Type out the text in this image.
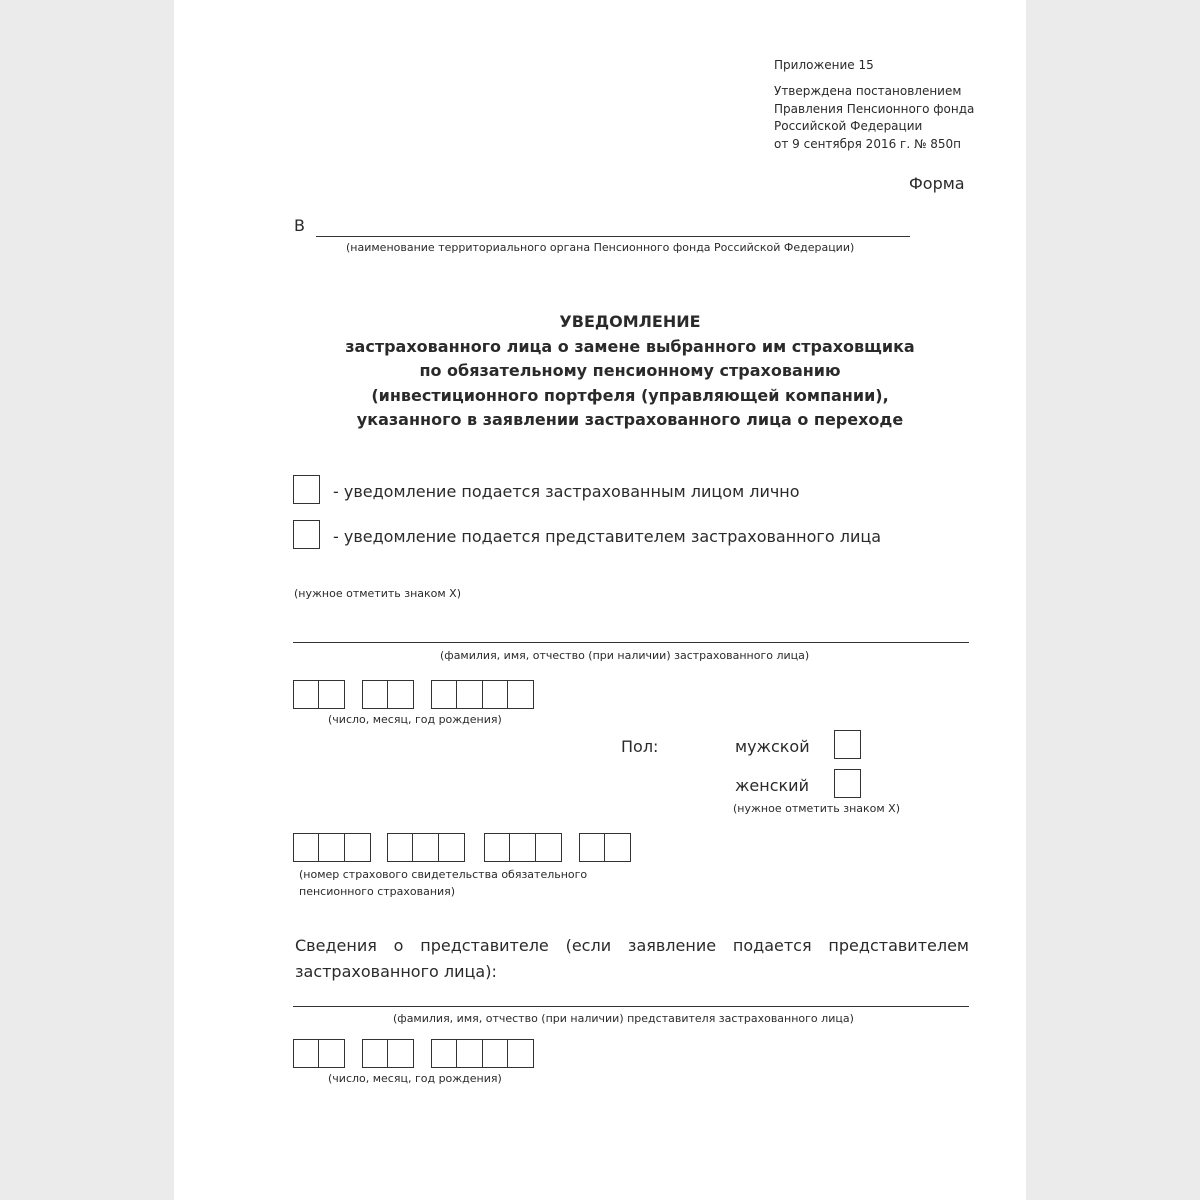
Приложение 15
Утверждена постановлением
Правления Пенсионного фонда
Российской Федерации
от 9 сентября 2016 г. № 850п
Форма
В
(наименование территориального органа Пенсионного фонда Российской Федерации)
УВЕДОМЛЕНИЕ
застрахованного лица о замене выбранного им страховщика
по обязательному пенсионному страхованию
(инвестиционного портфеля (управляющей компании),
указанного в заявлении застрахованного лица о переходе
- уведомление подается застрахованным лицом лично
- уведомление подается представителем застрахованного лица
(нужное отметить знаком Х)
(фамилия, имя, отчество (при наличии) застрахованного лица)
(число, месяц, год рождения)
Пол:	мужской
женский
(нужное отметить знаком Х)
(номер страхового свидетельства обязательного
пенсионного страхования)
Сведения о представителе (если заявление подается представителем
застрахованного лица):
(фамилия, имя, отчество (при наличии) представителя застрахованного лица)
(число, месяц, год рождения)
